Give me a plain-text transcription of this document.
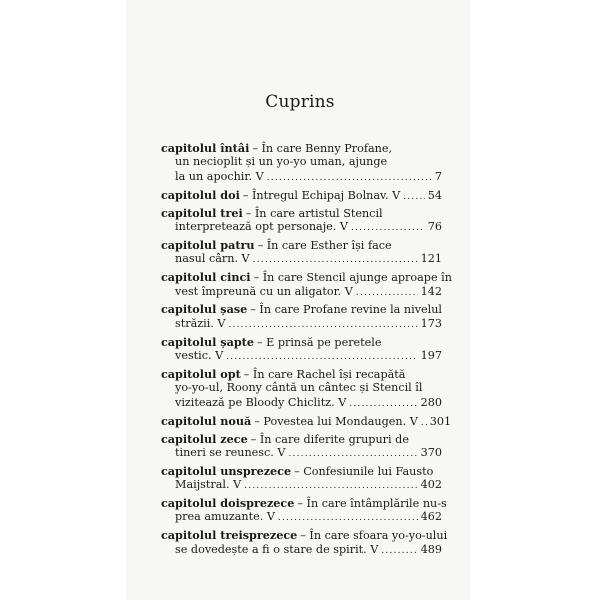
Cuprins
capitolul întâi – În care Benny Profane,
un necioplit și un yo-yo uman, ajunge
la un apochir. V .....	7
capitolul doi – Întregul Echipaj Bolnav. V ..... 54
capitolul trei – În care artistul Stencil
interpretează opt personaje. V .....	76
capitolul patru – În care Esther își face
nasul cârn. V .....	121
capitolul cinci – În care Stencil ajunge aproape în
vest împreună cu un aligator. V .....	142
capitolul șase – În care Profane revine la nivelul
străzii. V .....	173
capitolul șapte – E prinsă pe peretele
vestic. V .....	197
capitolul opt – În care Rachel își recapătă
yo-yo-ul, Roony cântă un cântec și Stencil îl
vizitează pe Bloody Chiclitz. V .....	280
capitolul nouă – Povestea lui Mondaugen. V ..... 301
capitolul zece – În care diferite grupuri de
tineri se reunesc. V .....	370
capitolul unsprezece – Confesiunile lui Fausto
Maijstral. V .....	402
capitolul doisprezece – În care întâmplările nu-s
prea amuzante. V .....	462
capitolul treisprezece – În care sfoara yo-yo-ului
se dovedește a fi o stare de spirit. V .....	489
